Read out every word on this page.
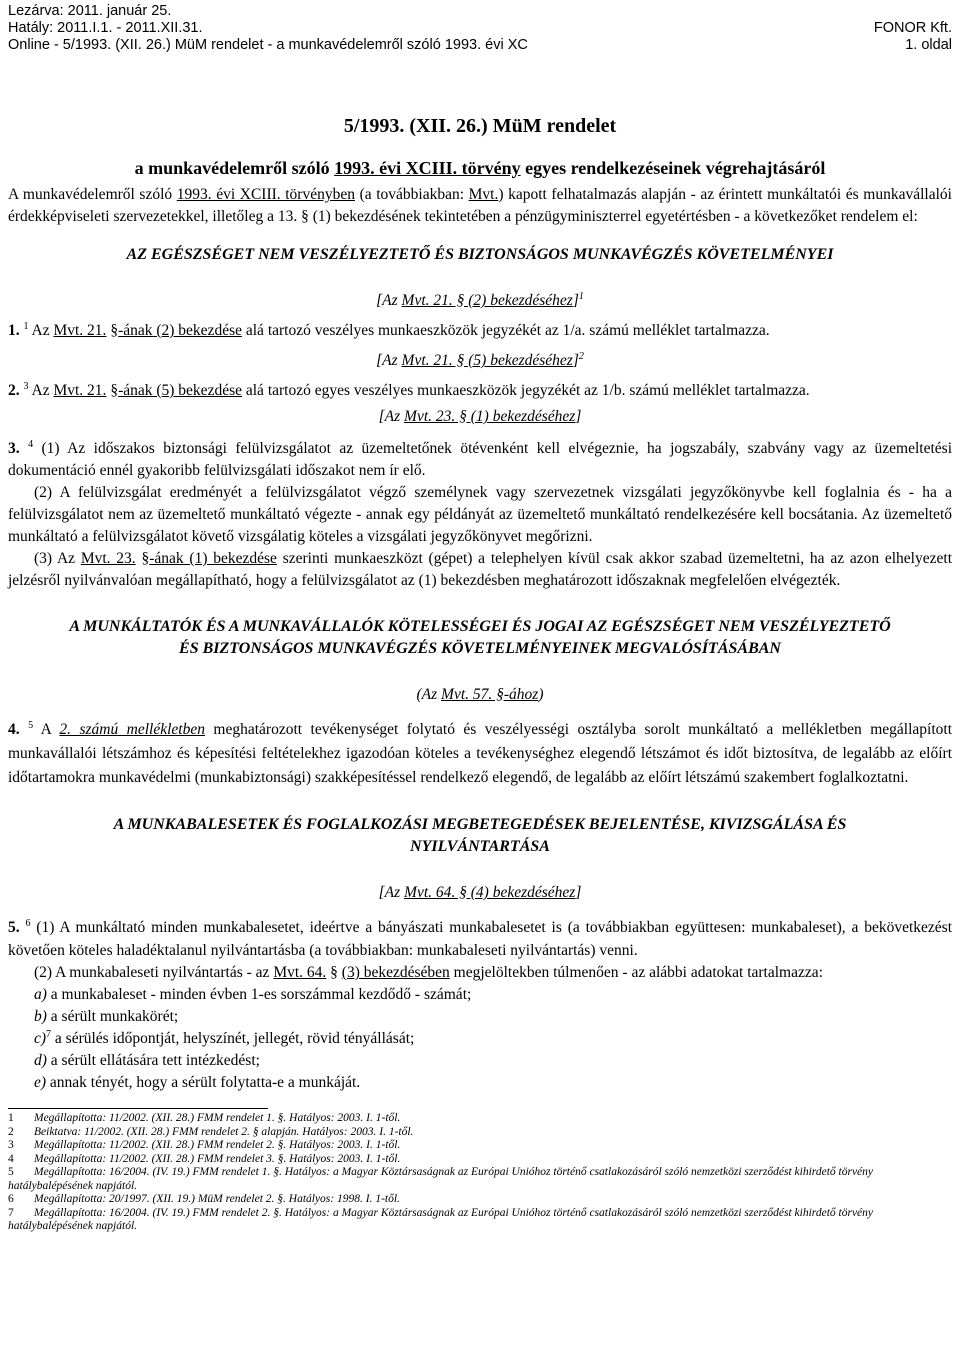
Lezárva: 2011. január 25.
Hatály: 2011.I.1. - 2011.XII.31.
Online - 5/1993. (XII. 26.) MüM rendelet - a munkavédelemről szóló 1993. évi XC
FONOR Kft.
1. oldal
5/1993. (XII. 26.) MüM rendelet
a munkavédelemről szóló 1993. évi XCIII. törvény egyes rendelkezéseinek végrehajtásáról

A munkavédelemről szóló 1993. évi XCIII. törvényben (a továbbiakban: Mvt.) kapott felhatalmazás alapján - az érintett munkáltatói és munkavállalói érdekképviseleti szervezetekkel, illetőleg a 13. § (1) bekezdésének tekintetében a pénzügyminiszterrel egyetértésben - a következőket rendelem el:

AZ EGÉSZSÉGET NEM VESZÉLYEZTETŐ ÉS BIZTONSÁGOS MUNKAVÉGZÉS KÖVETELMÉNYEI

[Az Mvt. 21. § (2) bekezdéséhez]$^1$

1. $^1$ Az Mvt. 21. §-ának (2) bekezdése alá tartozó veszélyes munkaeszközök jegyzékét az 1/a. számú melléklet tartalmazza.

[Az Mvt. 21. § (5) bekezdéséhez]$^2$

2. $^3$ Az Mvt. 21. §-ának (5) bekezdése alá tartozó egyes veszélyes munkaeszközök jegyzékét az 1/b. számú melléklet tartalmazza.

[Az Mvt. 23. § (1) bekezdéséhez]

3. $^4$ (1) Az időszakos biztonsági felülvizsgálatot az üzemeltetőnek ötévenként kell elvégeznie, ha jogszabály, szabvány vagy az üzemeltetési dokumentáció ennél gyakoribb felülvizsgálati időszakot nem ír elő.

(2) A felülvizsgálat eredményét a felülvizsgálatot végző személynek vagy szervezetnek vizsgálati jegyzőkönyvbe kell foglalnia és - ha a felülvizsgálatot nem az üzemeltető munkáltató végezte - annak egy példányát az üzemeltető munkáltató rendelkezésére kell bocsátania. Az üzemeltető munkáltató a felülvizsgálatot követő vizsgálatig köteles a vizsgálati jegyzőkönyvet megőrizni.

(3) Az Mvt. 23. §-ának (1) bekezdése szerinti munkaeszközt (gépet) a telephelyen kívül csak akkor szabad üzemeltetni, ha az azon elhelyezett jelzésről nyilvánvalóan megállapítható, hogy a felülvizsgálatot az (1) bekezdésben meghatározott időszaknak megfelelően elvégezték.

A MUNKÁLTATÓK ÉS A MUNKAVÁLLALÓK KÖTELESSÉGEI ÉS JOGAI AZ EGÉSZSÉGET NEM VESZÉLYEZTETŐ ÉS BIZTONSÁGOS MUNKAVÉGZÉS KÖVETELMÉNYEINEK MEGVALÓSÍTÁSÁBAN

(Az Mvt. 57. §-ához)

4. $^5$ A 2. számú mellékletben meghatározott tevékenységet folytató és veszélyességi osztályba sorolt munkáltató a mellékletben megállapított munkavállalói létszámhoz és képesítési feltételekhez igazodóan köteles a tevékenységhez elegendő létszámot és időt biztosítva, de legalább az előírt időtartamokra munkavédelmi (munkabiztonsági) szakképesítéssel rendelkező elegendő, de legalább az előírt létszámú szakembert foglalkoztatni.

A MUNKABALESETEK ÉS FOGLALKOZÁSI MEGBETEGEDÉSEK BEJELENTÉSE, KIVIZSGÁLÁSA ÉS NYILVÁNTARTÁSA

[Az Mvt. 64. § (4) bekezdéséhez]

5. $^6$ (1) A munkáltató minden munkabalesetet, ideértve a bányászati munkabalesetet is (a továbbiakban együttesen: munkabaleset), a bekövetkezést követően köteles haladéktalanul nyilvántartásba (a továbbiakban: munkabaleseti nyilvántartás) venni.

(2) A munkabaleseti nyilvántartás - az Mvt. 64. § (3) bekezdésében megjelöltekben túlmenően - az alábbi adatokat tartalmazza:

a) a munkabaleset - minden évben 1-es sorszámmal kezdődő - számát;

b) a sérült munkakörét;

c)$^7$ a sérülés időpontját, helyszínét, jellegét, rövid tényállását;

d) a sérült ellátására tett intézkedést;

e) annak tényét, hogy a sérült folytatta-e a munkáját.

1 Megállapította: 11/2002. (XII. 28.) FMM rendelet 1. §. Hatályos: 2003. I. 1-től.
2 Beiktatva: 11/2002. (XII. 28.) FMM rendelet 2. § alapján. Hatályos: 2003. I. 1-től.
3 Megállapította: 11/2002. (XII. 28.) FMM rendelet 2. §. Hatályos: 2003. I. 1-től.
4 Megállapította: 11/2002. (XII. 28.) FMM rendelet 3. §. Hatályos: 2003. I. 1-től.
5 Megállapította: 16/2004. (IV. 19.) FMM rendelet 1. §. Hatályos: a Magyar Köztársaságnak az Európai Unióhoz történő csatlakozásáról szóló nemzetközi szerződést kihirdető törvény hatálybalépésének napjától.
6 Megállapította: 20/1997. (XII. 19.) MüM rendelet 2. §. Hatályos: 1998. I. 1-től.
7 Megállapította: 16/2004. (IV. 19.) FMM rendelet 2. §. Hatályos: a Magyar Köztársaságnak az Európai Unióhoz történő csatlakozásáról szóló nemzetközi szerződést kihirdető törvény hatálybalépésének napjától.
